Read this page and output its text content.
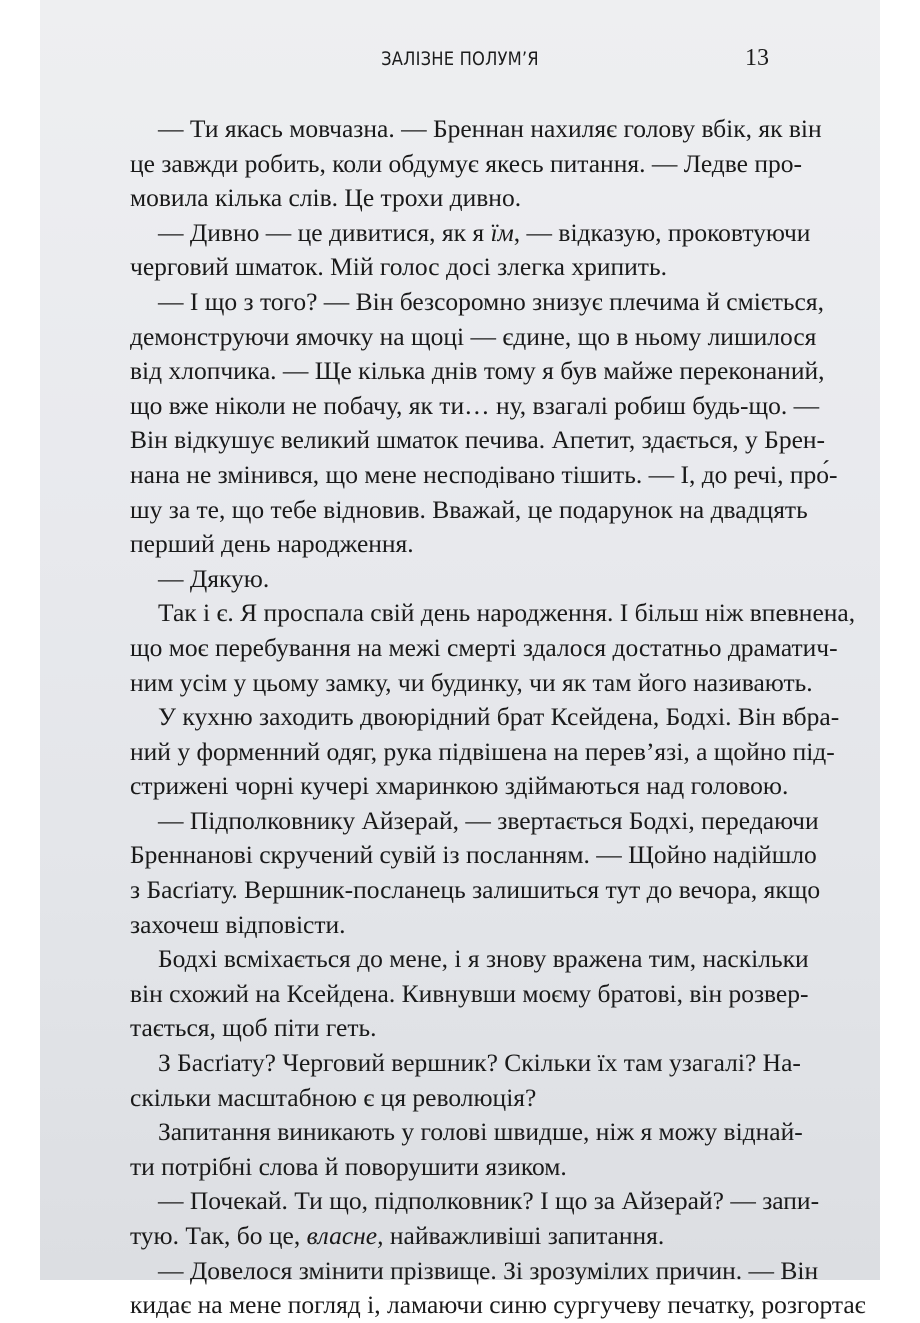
ЗАЛІЗНЕ ПОЛУМ’Я	13

— Ти якась мовчазна. — Бреннан нахиляє голову вбік, як він
це завжди робить, коли обдумує якесь питання. — Ледве про-
мовила кілька слів. Це трохи дивно.

— Дивно — це дивитися, як я їм, — відказую, проковтуючи
черговий шматок. Мій голос досі злегка хрипить.

— І що з того? — Він безсоромно знизує плечима й сміється,
демонструючи ямочку на щоці — єдине, що в ньому лишилося
від хлопчика. — Ще кілька днів тому я був майже переконаний,
що вже ніколи не побачу, як ти… ну, взагалі робиш будь-що. —
Він відкушує великий шматок печива. Апетит, здається, у Брен-
нана не змінився, що мене несподівано тішить. — І, до речі, про́-
шу за те, що тебе відновив. Вважай, це подарунок на двадцять
перший день народження.

— Дякую.

Так і є. Я проспала свій день народження. І більш ніж впевнена,
що моє перебування на межі смерті здалося достатньо драматич-
ним усім у цьому замку, чи будинку, чи як там його називають.

У кухню заходить двоюрідний брат Ксейдена, Бодхі. Він вбра-
ний у форменний одяг, рука підвішена на перев’язі, а щойно під-
стрижені чорні кучері хмаринкою здіймаються над головою.

— Підполковнику Айзерай, — звертається Бодхі, передаючи
Бреннанові скручений сувій із посланням. — Щойно надійшло
з Басґіату. Вершник-посланець залишиться тут до вечора, якщо
захочеш відповісти.

Бодхі всміхається до мене, і я знову вражена тим, наскільки
він схожий на Ксейдена. Кивнувши моєму братові, він розвер-
тається, щоб піти геть.

З Басґіату? Черговий вершник? Скільки їх там узагалі? На-
скільки масштабною є ця революція?

Запитання виникають у голові швидше, ніж я можу віднай-
ти потрібні слова й поворушити язиком.

— Почекай. Ти що, підполковник? І що за Айзерай? — запи-
тую. Так, бо це, власне, найважливіші запитання.

— Довелося змінити прізвище. Зі зрозумілих причин. — Він
кидає на мене погляд і, ламаючи синю сургучеву печатку, розгортає
